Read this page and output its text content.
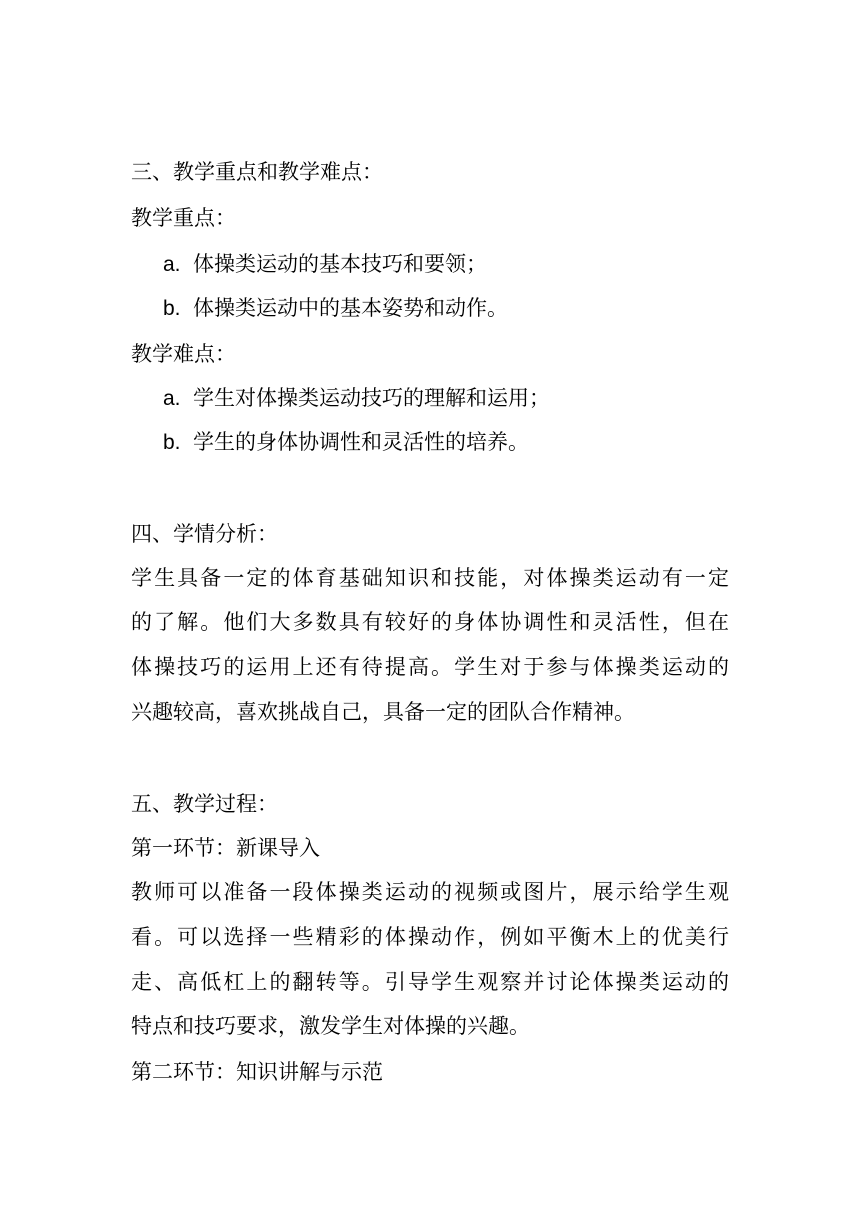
三、教学重点和教学难点：
教学重点：
a. 体操类运动的基本技巧和要领；
b. 体操类运动中的基本姿势和动作。
教学难点：
a. 学生对体操类运动技巧的理解和运用；
b. 学生的身体协调性和灵活性的培养。
四、学情分析：
学生具备一定的体育基础知识和技能，对体操类运动有一定
的了解。他们大多数具有较好的身体协调性和灵活性，但在
体操技巧的运用上还有待提高。学生对于参与体操类运动的
兴趣较高，喜欢挑战自己，具备一定的团队合作精神。
五、教学过程：
第一环节：新课导入
教师可以准备一段体操类运动的视频或图片，展示给学生观
看。可以选择一些精彩的体操动作，例如平衡木上的优美行
走、高低杠上的翻转等。引导学生观察并讨论体操类运动的
特点和技巧要求，激发学生对体操的兴趣。
第二环节：知识讲解与示范
